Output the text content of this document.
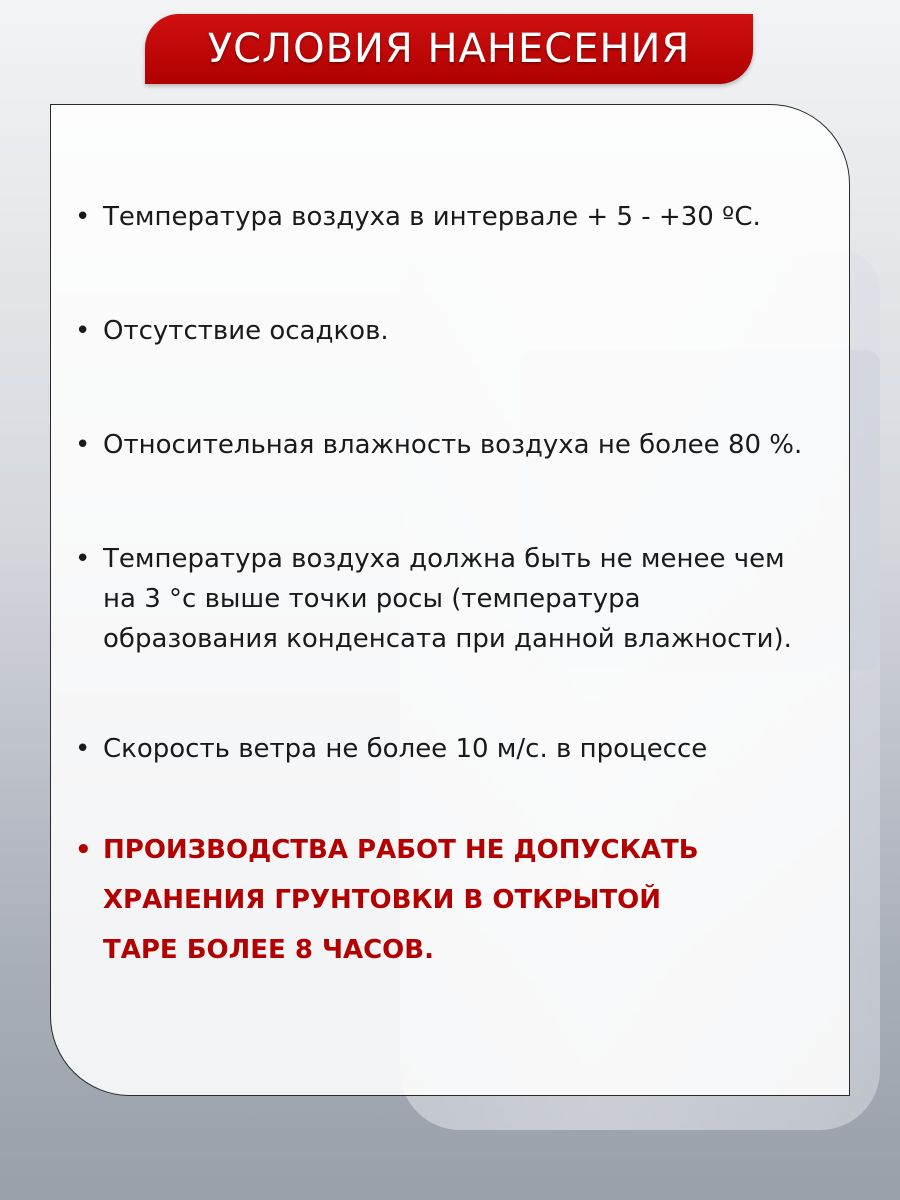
УСЛОВИЯ НАНЕСЕНИЯ
• Температура воздуха в интервале + 5 - +30 ºС.
• Отсутствие осадков.
• Относительная влажность воздуха не более 80 %.
• Температура воздуха должна быть не менее чем на 3 °с выше точки росы (температура образования конденсата при данной влажности).
• Скорость ветра не более 10 м/с. в процессе
• ПРОИЗВОДСТВА РАБОТ НЕ ДОПУСКАТЬ ХРАНЕНИЯ ГРУНТОВКИ В ОТКРЫТОЙ ТАРЕ БОЛЕЕ 8 ЧАСОВ.
